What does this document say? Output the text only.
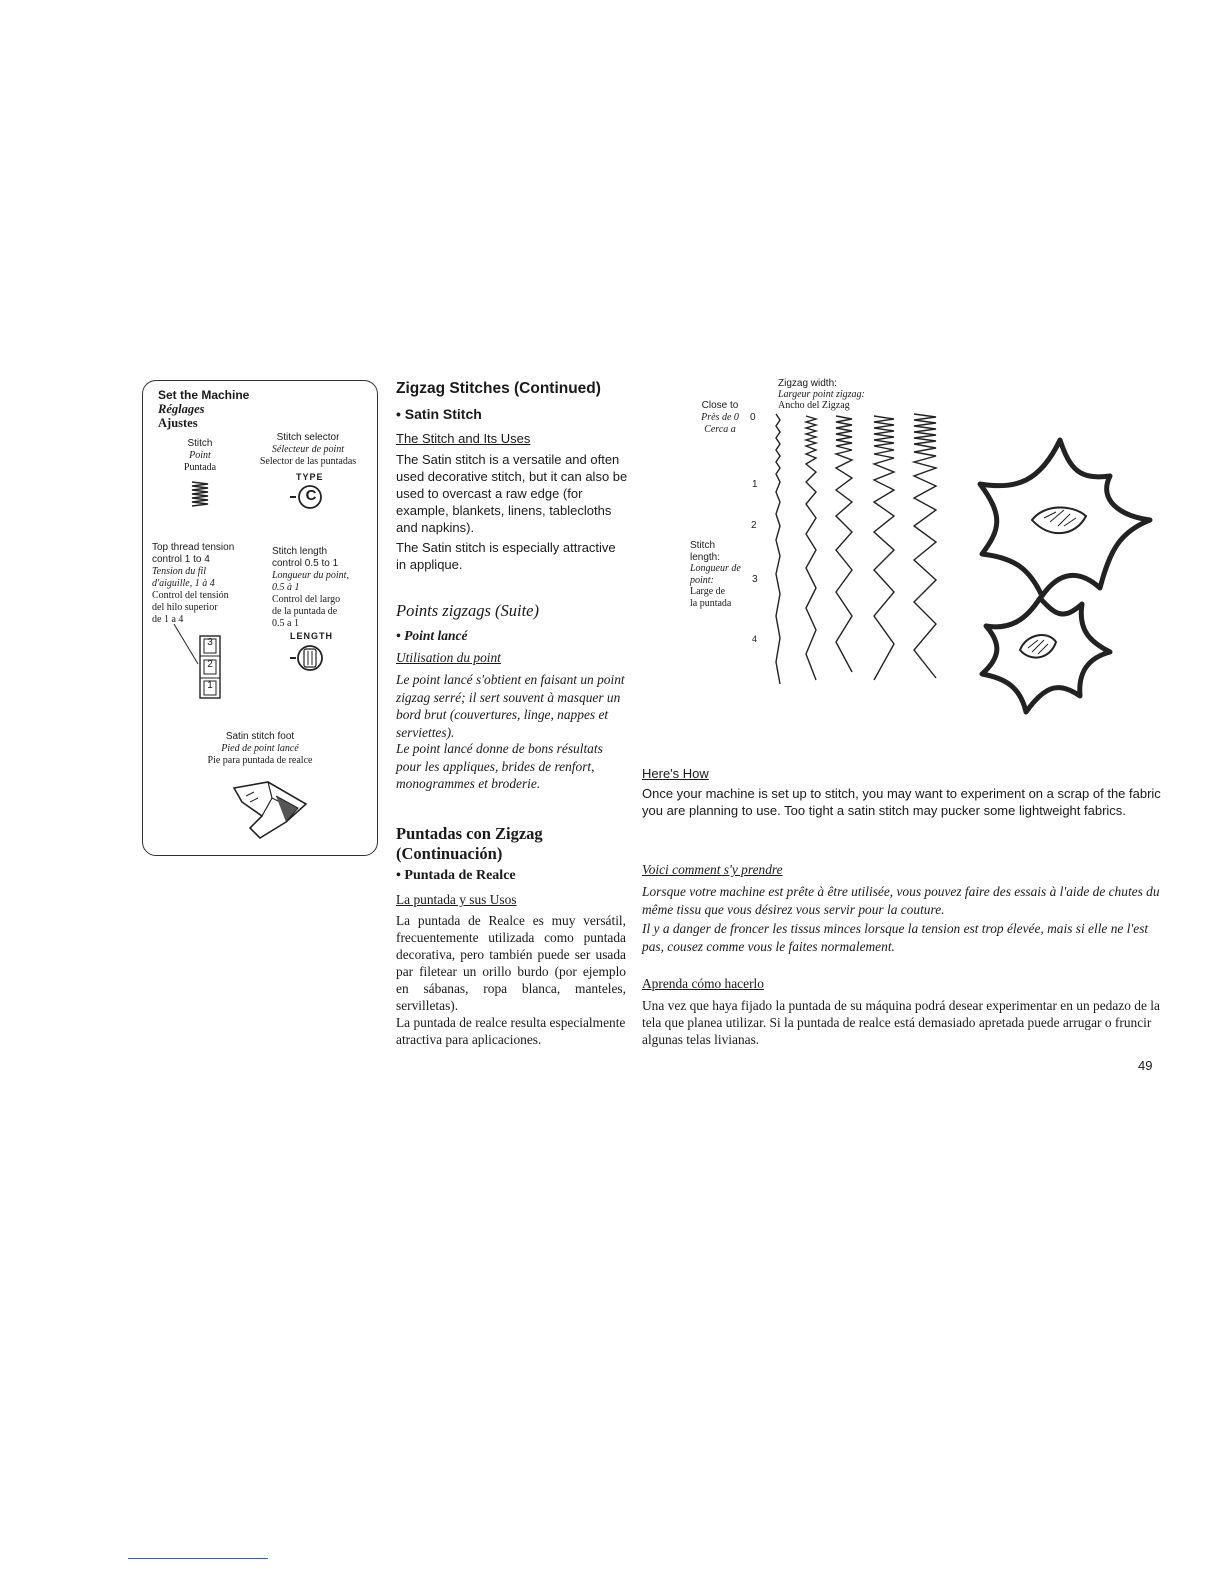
Set the Machine
Réglages
Ajustes
Stitch
Point
Puntada
Stitch selector
Sélecteur de point
Selector de las puntadas
TYPE
C
Top thread tension
control 1 to 4
Tension du fil
d'aiguille, 1 à 4
Control del tensión
del hilo superior
de 1 a 4
Stitch length
control 0.5 to 1
Longueur du point,
0.5 à 1
Control del largo
de la puntada de
0.5 a 1
3
2
1
LENGTH
Satin stitch foot
Pied de point lancé
Pie para puntada de realce
Zigzag Stitches (Continued)
• Satin Stitch
The Stitch and Its Uses
The Satin stitch is a versatile and often used decorative stitch, but it can also be used to overcast a raw edge (for example, blankets, linens, tablecloths and napkins).
The Satin stitch is especially attractive in applique.
Points zigzags (Suite)
• Point lancé
Utilisation du point
Le point lancé s'obtient en faisant un point zigzag serré; il sert souvent à masquer un bord brut (couvertures, linge, nappes et serviettes).
Le point lancé donne de bons résultats pour les appliques, brides de renfort, monogrammes et broderie.
Puntadas con Zigzag
(Continuación)
• Puntada de Realce
La puntada y sus Usos
La puntada de Realce es muy versátil, frecuentemente utilizada como puntada decorativa, pero también puede ser usada par filetear un orillo burdo (por ejemplo en sábanas, ropa blanca, manteles, servilletas).
La puntada de realce resulta especialmente atractiva para aplicaciones.
Zigzag width:
Largeur point zigzag:
Ancho del Zigzag
Close to
Près de 0
Cerca a
0
1
2
3
4
Stitch
length:
Longueur de
point:
Large de
la puntada
Here's How
Once your machine is set up to stitch, you may want to experiment on a scrap of the fabric you are planning to use. Too tight a satin stitch may pucker some lightweight fabrics.
Voici comment s'y prendre
Lorsque votre machine est prête à être utilisée, vous pouvez faire des essais à l'aide de chutes du même tissu que vous désirez vous servir pour la couture.
Il y a danger de froncer les tissus minces lorsque la tension est trop élevée, mais si elle ne l'est pas, cousez comme vous le faites normalement.
Aprenda cómo hacerlo
Una vez que haya fijado la puntada de su máquina podrá desear experimentar en un pedazo de la tela que planea utilizar. Si la puntada de realce está demasiado apretada puede arrugar o fruncir algunas telas livianas.
49
